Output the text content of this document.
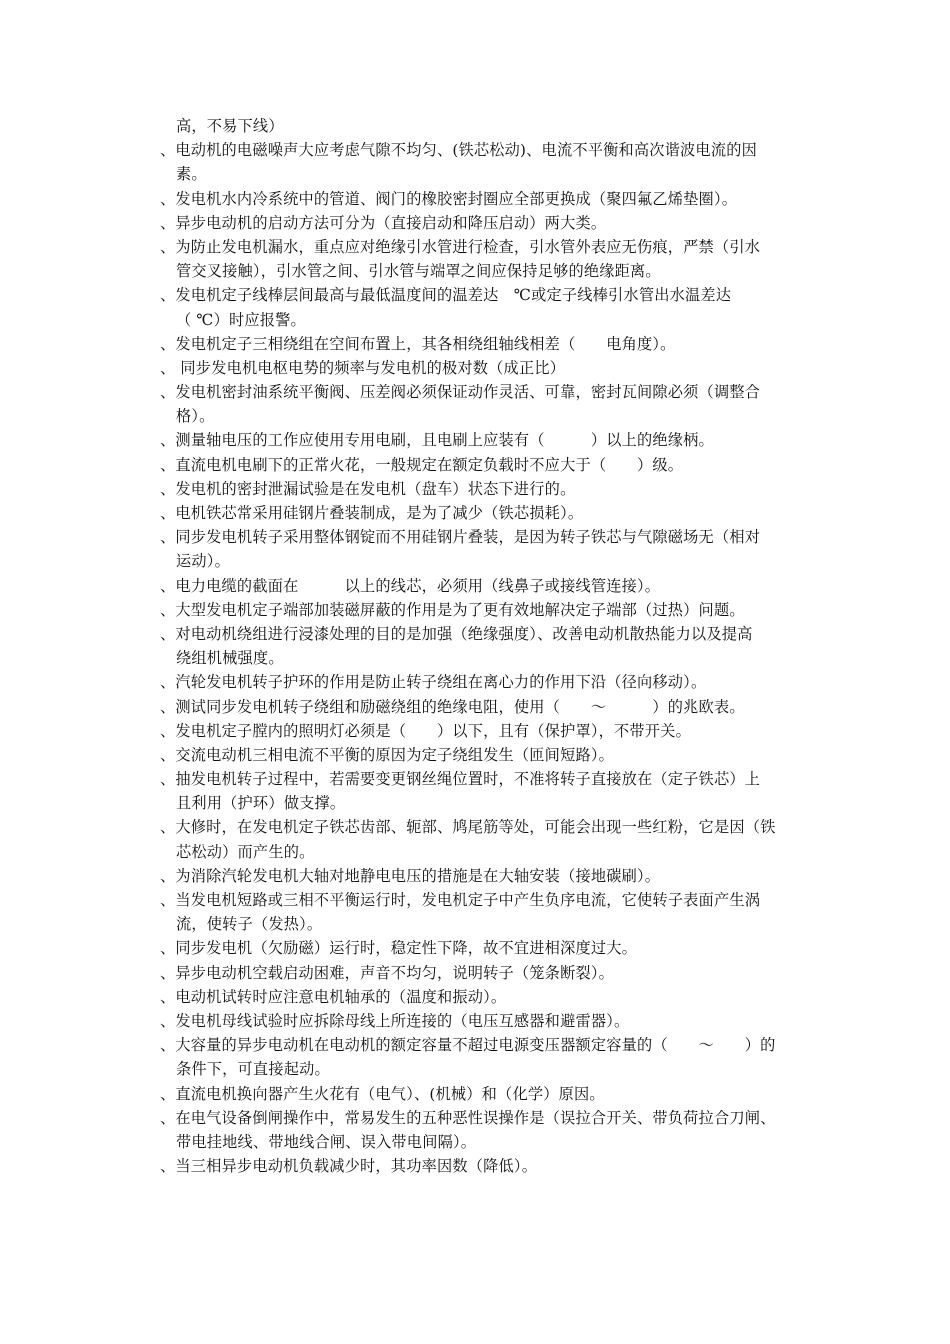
高，不易下线）
、电动机的电磁噪声大应考虑气隙不均匀、(铁芯松动)、电流不平衡和高次谐波电流的因
素。
、发电机水内冷系统中的管道、阀门的橡胶密封圈应全部更换成（聚四氟乙烯垫圈）。
、异步电动机的启动方法可分为（直接启动和降压启动）两大类。
、为防止发电机漏水，重点应对绝缘引水管进行检查，引水管外表应无伤痕，严禁（引水
管交叉接触），引水管之间、引水管与端罩之间应保持足够的绝缘距离。
、发电机定子线棒层间最高与最低温度间的温差达　℃或定子线棒引水管出水温差达
（ ℃）时应报警。
、发电机定子三相绕组在空间布置上，其各相绕组轴线相差（　　电角度）。
、 同步发电机电枢电势的频率与发电机的极对数（成正比）
、发电机密封油系统平衡阀、压差阀必须保证动作灵活、可靠，密封瓦间隙必须（调整合
格）。
、测量轴电压的工作应使用专用电刷，且电刷上应装有（　　　）以上的绝缘柄。
、直流电机电刷下的正常火花，一般规定在额定负载时不应大于（　　）级。
、发电机的密封泄漏试验是在发电机（盘车）状态下进行的。
、电机铁芯常采用硅钢片叠装制成，是为了减少（铁芯损耗）。
、同步发电机转子采用整体钢锭而不用硅钢片叠装，是因为转子铁芯与气隙磁场无（相对
运动）。
、电力电缆的截面在　　　以上的线芯，必须用（线鼻子或接线管连接）。
、大型发电机定子端部加装磁屏蔽的作用是为了更有效地解决定子端部（过热）问题。
、对电动机绕组进行浸漆处理的目的是加强（绝缘强度）、改善电动机散热能力以及提高
绕组机械强度。
、汽轮发电机转子护环的作用是防止转子绕组在离心力的作用下沿（径向移动）。
、测试同步发电机转子绕组和励磁绕组的绝缘电阻，使用（　　～　　　）的兆欧表。
、发电机定子膛内的照明灯必须是（　　）以下，且有（保护罩），不带开关。
、交流电动机三相电流不平衡的原因为定子绕组发生（匝间短路）。
、抽发电机转子过程中，若需要变更钢丝绳位置时，不准将转子直接放在（定子铁芯）上
且利用（护环）做支撑。
、大修时，在发电机定子铁芯齿部、轭部、鸠尾筋等处，可能会出现一些红粉，它是因（铁
芯松动）而产生的。
、为消除汽轮发电机大轴对地静电电压的措施是在大轴安装（接地碳刷）。
、当发电机短路或三相不平衡运行时，发电机定子中产生负序电流，它使转子表面产生涡
流，使转子（发热）。
、同步发电机（欠励磁）运行时，稳定性下降，故不宜进相深度过大。
、异步电动机空载启动困难，声音不均匀，说明转子（笼条断裂）。
、电动机试转时应注意电机轴承的（温度和振动）。
、发电机母线试验时应拆除母线上所连接的（电压互感器和避雷器）。
、大容量的异步电动机在电动机的额定容量不超过电源变压器额定容量的（　　～　　）的
条件下，可直接起动。
、直流电机换向器产生火花有（电气）、(机械）和（化学）原因。
、在电气设备倒闸操作中，常易发生的五种恶性误操作是（误拉合开关、带负荷拉合刀闸、
带电挂地线、带地线合闸、误入带电间隔）。
、当三相异步电动机负载减少时，其功率因数（降低）。
